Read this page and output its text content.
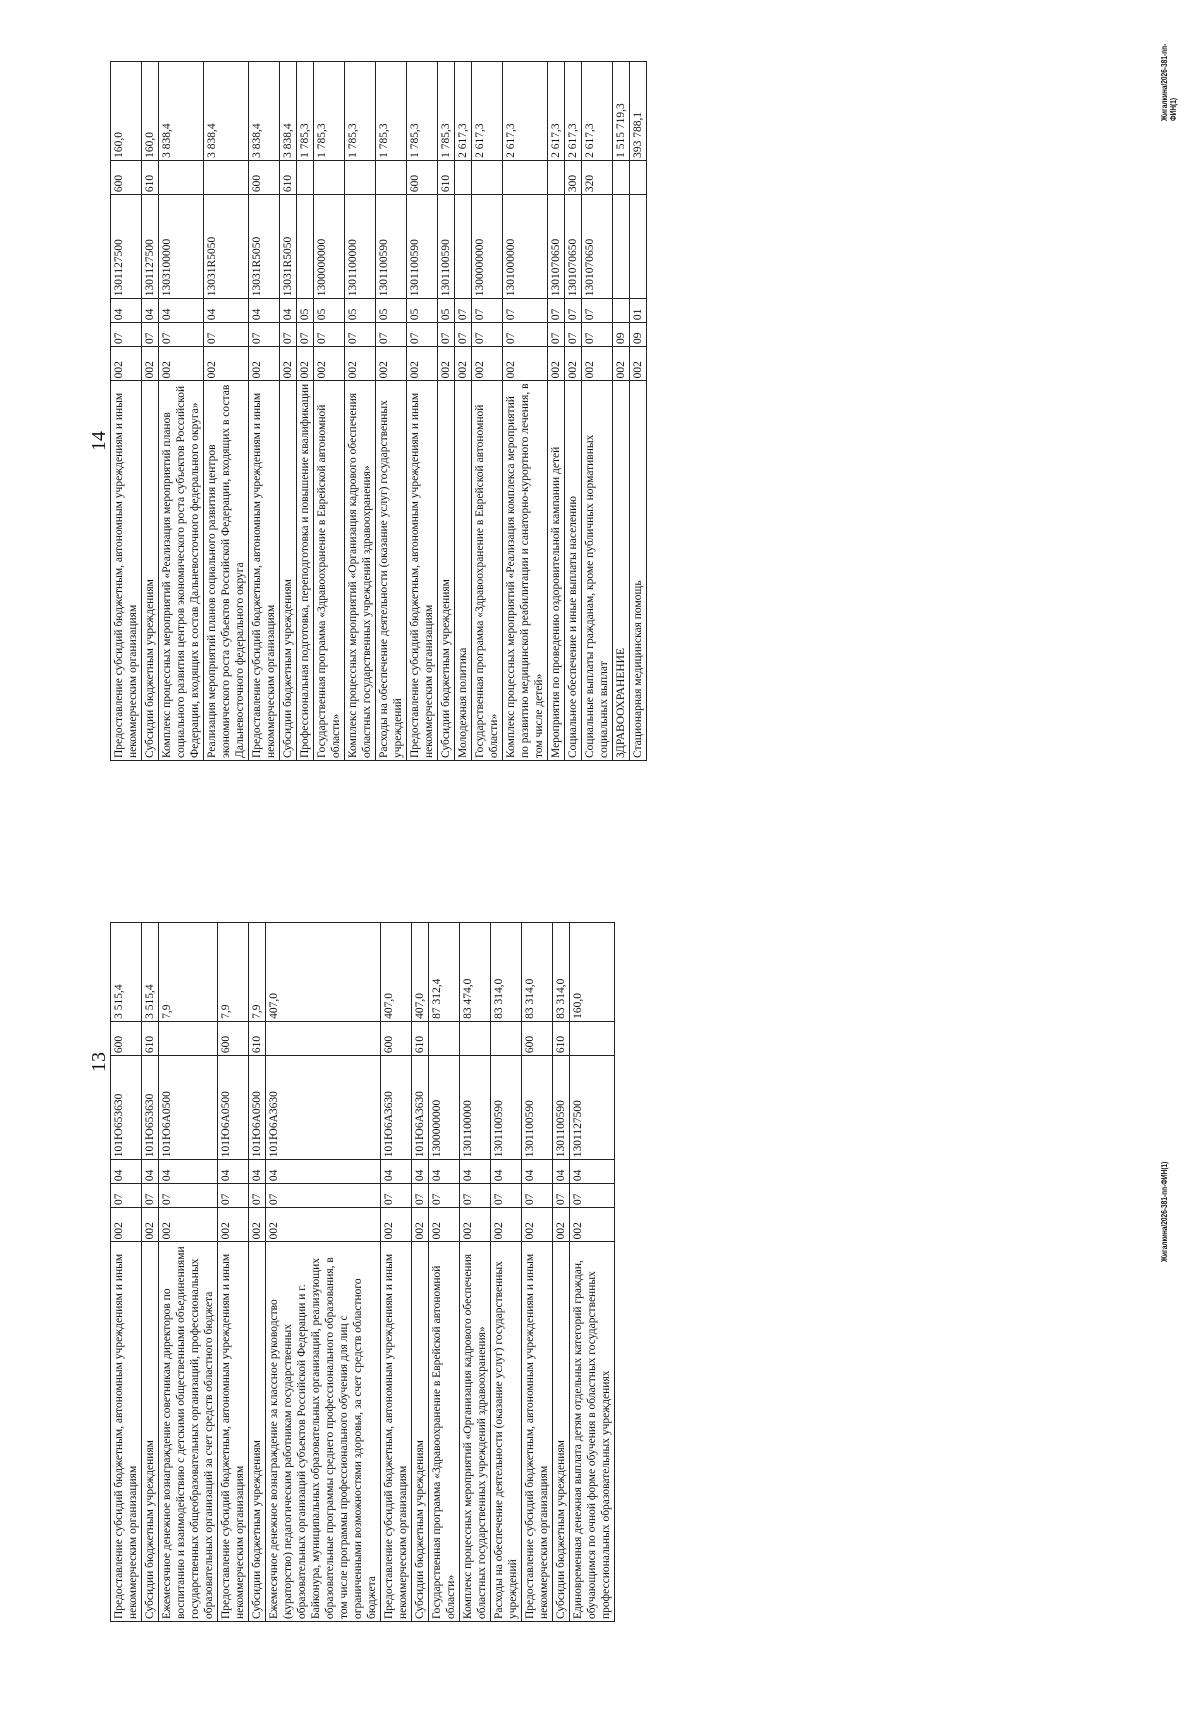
13
Предоставление субсидий бюджетным, автономным учреждениям и иным некоммерческим организациям	002	07	04	101Ю653630	600	3 515,4
Субсидии бюджетным учреждениям	002	07	04	101Ю653630	610	3 515,4
Ежемесячное денежное вознаграждение советникам директоров по воспитанию и взаимодействию с детскими общественными объединениями государственных общеобразовательных организаций, профессиональных образовательных организаций за счет средств областного бюджета	002	07	04	101Ю6А0500		7,9
Предоставление субсидий бюджетным, автономным учреждениям и иным некоммерческим организациям	002	07	04	101Ю6А0500	600	7,9
Субсидии бюджетным учреждениям	002	07	04	101Ю6А0500	610	7,9
Ежемесячное денежное вознаграждение за классное руководство (кураторство) педагогическим работникам государственных образовательных организаций субъектов Российской Федерации и г. Байконура, муниципальных образовательных организаций, реализующих образовательные программы среднего профессионального образования, в том числе программы профессионального обучения для лиц с ограниченными возможностями здоровья, за счет средств областного бюджета	002	07	04	101Ю6А3630		407,0
Предоставление субсидий бюджетным, автономным учреждениям и иным некоммерческим организациям	002	07	04	101Ю6А3630	600	407,0
Субсидии бюджетным учреждениям	002	07	04	101Ю6А3630	610	407,0
Государственная программа «Здравоохранение в Еврейской автономной области»	002	07	04	1300000000		87 312,4
Комплекс процессных мероприятий «Организация кадрового обеспечения областных государственных учреждений здравоохранения»	002	07	04	1301100000		83 474,0
Расходы на обеспечение деятельности (оказание услуг) государственных учреждений	002	07	04	1301100590		83 314,0
Предоставление субсидий бюджетным, автономным учреждениям и иным некоммерческим организациям	002	07	04	1301100590	600	83 314,0
Субсидии бюджетным учреждениям	002	07	04	1301100590	610	83 314,0
Единовременная денежная выплата детям отдельных категорий граждан, обучающимся по очной форме обучения в областных государственных профессиональных образовательных учреждениях	002	07	04	1301127500		160,0
Жигалкина/2026-381-пп-ФИН(1)
14 Предоставление субсидий бюджетным, автономным учреждениям и иным некоммерческим организациям	002	07	04	1301127500	600	160,0
Субсидии бюджетным учреждениям	002	07	04	1301127500	610	160,0
Комплекс процессных мероприятий «Реализация мероприятий планов социального развития центров экономического роста субъектов Российской Федерации, входящих в состав Дальневосточного федерального округа»	002	07	04	1303100000		3 838,4
Реализация мероприятий планов социального развития центров экономического роста субъектов Российской Федерации, входящих в состав Дальневосточного федерального округа	002	07	04	13031R5050		3 838,4
Предоставление субсидий бюджетным, автономным учреждениям и иным некоммерческим организациям	002	07	04	13031R5050	600	3 838,4
Субсидии бюджетным учреждениям	002	07	04	13031R5050	610	3 838,4
Профессиональная подготовка, переподготовка и повышение квалификации	002	07	05			1 785,3
Государственная программа «Здравоохранение в Еврейской автономной области»	002	07	05	1300000000		1 785,3
Комплекс процессных мероприятий «Организация кадрового обеспечения областных государственных учреждений здравоохранения»	002	07	05	1301100000		1 785,3
Расходы на обеспечение деятельности (оказание услуг) государственных учреждений	002	07	05	1301100590		1 785,3
Предоставление субсидий бюджетным, автономным учреждениям и иным некоммерческим организациям	002	07	05	1301100590	600	1 785,3
Субсидии бюджетным учреждениям	002	07	05	1301100590	610	1 785,3
Молодежная политика	002	07	07			2 617,3
Государственная программа «Здравоохранение в Еврейской автономной области»	002	07	07	1300000000		2 617,3
Комплекс процессных мероприятий «Реализация комплекса мероприятий по развитию медицинской реабилитации и санаторно-курортного лечения, в том числе детей»	002	07	07	1301000000		2 617,3
Мероприятия по проведению оздоровительной кампании детей	002	07	07	1301070650		2 617,3
Социальное обеспечение и иные выплаты населению	002	07	07	1301070650	300	2 617,3
Социальные выплаты гражданам, кроме публичных нормативных социальных выплат	002	07	07	1301070650	320	2 617,3
ЗДРАВООХРАНЕНИЕ	002	09				1 515 719,3
Стационарная медицинская помощь	002	09	01			393 788,1
Жигалкина/2026-381-пп-ФИН(1)
